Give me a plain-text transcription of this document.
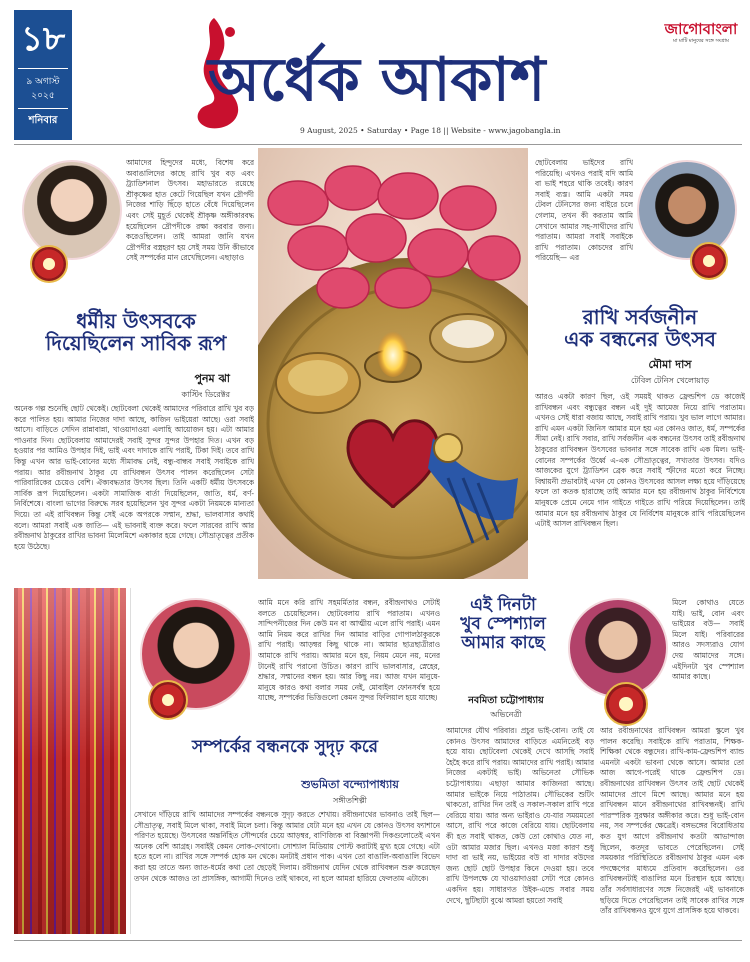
১৮
৯ অগাস্ট
২০২৫
শনিবার
অর্ধেক আকাশ
9 August, 2025 • Saturday • Page 18 || Website - www.jagobangla.in
জাগোবাংলা
মা মাটি মানুষের সঙ্গে সংগ্রাম
আমাদের হিন্দুদের মধ্যে, বিশেষ করে অবাঙালিদের কাছে রাখি খুব বড় এবং ট্র্যাডিশনাল উৎসব। মহাভারতে রয়েছে শ্রীকৃষ্ণের হাত কেটে গিয়েছিল যখন দ্রৌপদী নিজের শাড়ি ছিঁড়ে হাতে বেঁধে দিয়েছিলেন এবং সেই মুহূর্ত থেকেই শ্রীকৃষ্ণ অঙ্গীকারবদ্ধ হয়েছিলেন দ্রৌপদীকে রক্ষা করবার জন্য। করেওছিলেন। তাই আমরা জানি যখন দ্রৌপদীর বস্ত্রহরণ হয় সেই সময় উনি কীভাবে সেই সম্পর্কের মান রেখেছিলেন। এছাড়াও
ধর্মীয় উৎসবকে
দিয়েছিলেন সাবিক রূপ
পুনম ঝা
কাস্টিং ডিরেক্টর
অনেক গল্প শুনেছি ছোট থেকেই। ছোটবেলা থেকেই আমাদের পরিবারে রাখি খুব বড় করে পালিত হয়। আমার নিজের দাদা আছে, কাজিন ভাইয়েরা আছে। ওরা সবাই আসে। বাড়িতে সেদিন রান্নাবান্না, খাওয়াদাওয়া এলাহি আয়োজন হয়। এটা আমার পাওনার দিন। ছোটবেলায় আমাদেরই সবাই সুন্দর সুন্দর উপহার দিত। এখন বড় হওয়ার পর আমিও উপহার দিই, ভাই এবং দাদাকে রাখি পরাই, টিকা দিই। তবে রাখি কিন্তু এখন আর ভাই-বোনের মধ্যে সীমাবদ্ধ নেই, বন্ধু-বান্ধব সবাই সবাইকে রাখি পরায়। আর রবীন্দ্রনাথ ঠাকুর যে রাখিবন্ধন উৎসব পালন করেছিলেন সেটা পারিবারিকের চেয়েও বেশি। ঐক্যবদ্ধতার উৎসব ছিল। তিনি একটি ধর্মীয় উৎসবকে সার্বিক রূপ দিয়েছিলেন। একটা সামাজিক বার্তা দিয়েছিলেন, জাতি, ধর্ম, বর্ণ-নির্বিশেষে। বাংলা ভাগের বিরুদ্ধে সরব হয়েছিলেন খুব সুন্দর একটা নিয়মকে মান্যতা দিয়ে। তা এই রাখিবন্ধন কিন্তু সেই একে অপরকে সম্মান, শ্রদ্ধা, ভালবাসার কথাই বলে। আমরা সবাই এক জাতি— এই ভাবনাই ব্যক্ত করে। ফলে সারবের রাখি আর রবীন্দ্রনাথ ঠাকুরের রাখির ভাবনা মিলেমিশে একাকার হয়ে গেছে। সৌভ্রাতৃত্বের প্রতীক হয়ে উঠেছে।
ছোটবেলায় ভাইদের রাখি পরিয়েছি। এখনও পরাই যদি আমি বা ভাই শহরে থাকি তবেই। কারণ সবাই ব্যস্ত। আমি একটা সময় টেবল টেনিসের জন্য বাইরে চলে গেলাম, তখন কী করতাম আমি সেখানে আমার সহ-সাথীদের রাখি পরাতাম। আমরা সবাই সবাইকে রাখি পরাতাম। কোচদের রাখি পরিয়েছি— এর
রাখি সর্বজনীন
এক বন্ধনের উৎসব
মৌমা দাস
টেবিল টেনিস খেলোয়াড়
আরও একটা কারণ ছিল, ওই সময়ই থাকত ফ্রেন্ডশিপ ডে কাজেই রাখিবন্ধন এবং বন্ধুত্বের বন্ধন এই দুই আমেজ নিয়ে রাখি পরাতাম। এখনও সেই ধারা বজায় আছে, সবাই রাখি পরায়। খুব ভাল লাগে আমার। রাখি এমন একটা জিনিস আমার মনে হয় এর কোনও জাত, ধর্ম, সম্পর্কের সীমা নেই। রাখি সবার, রাখি সর্বজনীন এক বন্ধনের উৎসব তাই রবীন্দ্রনাথ ঠাকুরের রাখিবন্ধন উৎসবের ভাবনার সঙ্গে সাবেক রাখি এক মিল। ভাই-বোনের সম্পর্কের উর্ধ্বে এ-এক সৌভ্রাতৃত্বের, সখ্যতার উৎসব। যদিও আজকের যুগে ট্র্যাডিশন ব্রেক করে সবাই স্ফীদের মতো করে নিচ্ছে। বিশ্বায়নী প্রভাবটাই এখন যে কোনও উৎসবের আসল লক্ষ্য হয়ে দাঁড়িয়েছে ফলে তা কতক হারাচ্ছে তাই আমার মনে হয় রবীন্দ্রনাথ ঠাকুর নির্বিশেষে মানুষকে প্রেমে নেমে গান গাইতে গাইতে রাখি পরিয়ে দিয়েছিলেন। তাই আমার মনে হয় রবীন্দ্রনাথ ঠাকুর যে নির্বিশেষ মানুষকে রাখি পরিয়েছিলেন এটাই আসল রাখিবন্ধন ছিল।
আমি মনে করি রাখি সহমর্মিতার বন্ধন, রবীন্দ্রনাথও সেটাই বলতে চেয়েছিলেন। ছোটবেলায় রাখি পরাতাম। এখনও সান্দিপনীজের দিন কেউ মন বা আত্মীয় এলে রাখি পরাই। এমন আমি নিয়ম করে রাখির দিন আমার বাড়ির গোপালঠাকুরকে রাখি পরাই। আড়ম্বর কিছু থাকে না। আমার ছাত্রছাত্রীরাও আমাকে রাখি পরায়। আমার মনে হয়, নিয়ম মেনে নয়, মনের টানেই রাখি পরানো উচিত। কারণ রাখি ভালবাসার, স্নেহের, শ্রদ্ধার, সম্মানের বন্ধন হয়। আর কিছু নয়। আজ যখন মানুষে-মানুষে কারও কথা বলার সময় নেই, মোবাইল ফোনসর্বস্ব হয়ে যাচ্ছে, সম্পর্কের ভিত্তিগুলো কেমন সুন্দর ফিলিয়াল হয়ে যাচ্ছে।
সম্পর্কের বন্ধনকে সুদৃঢ় করে
শুভমিতা বন্দ্যোপাধ্যায়
সঙ্গীতশিল্পী
সেখানে দাঁড়িয়ে রাখি আমাদের সম্পর্কের বন্ধনকে সুদৃঢ় করতে শেখায়। রবীন্দ্রনাথের ভাবনাও তাই ছিল— সৌভ্রাতৃত্ব, সবাই মিলে থাকা, সবাই মিলে চলা। কিন্তু আমার যেটা মনে হয় এখন যে কোনও উৎসব ফ্যাশানে পরিণত হয়েছে। উৎসবের অন্তর্নিহিত সৌন্দর্যের চেয়ে আড়ম্বর, বাণিজ্যিক বা বিজ্ঞাপনী দিকগুলোতেই এখন অনেক বেশি আগ্রহ। সবাইই কেমন লোক-দেখানো। সোশ্যাল মিডিয়ায় পোস্ট করাটাই মুখ্য হয়ে গেছে। এটা হতে হলে না। রাখির সঙ্গে সম্পর্ক হোক মন থেকে। মনটাই প্রধান পাক। এখন তো বাঙালি-অবাঙালি বিভেদ করা হয় তাতে অন্য জাত-ধর্মের কথা তো ছেড়েই দিলাম। রবীন্দ্রনাথ যেদিন থেকে রাখিবন্ধন শুরু করেছেন তখন থেকে আজও তা প্রাসঙ্গিক, আগামী দিনেও তাই থাকবে, না হলে আমরা হারিয়ে ফেলতাম এটাকে।
এই দিনটা
খুব স্পেশ্যাল
আমার কাছে
মিলে কোথাও যেতে যাই। ভাই, বোন এবং ভাইয়ের বউ— সবাই মিলে যাই। পরিবারের আরও সদস্যরাও যোগ দেয় আমাদের সঙ্গে। এইদিনটা খুব স্পেশ্যাল আমার কাছে।
নবমিতা চট্টোপাধ্যায়
অভিনেত্রী
আমাদের যৌথ পরিবার। প্রচুর ভাই-বোন। তাই যে কোনও উৎসব আমাদের বাড়িতে এমনিতেই বড় হয়ে যায়। ছোটবেলা থেকেই দেখে আসছি সবাই হৈহৈ করে রাখি পরায়। আমাদের রাখি পরাই। আমার নিজের একটাই ভাই। অভিনেতা সৌভিক চট্টোপাধ্যায়। এছাড়া আমার কাজিনরা আছে। আমার ভাইকে নিয়ে পাঠাতাম। সৌভিকের শুটিং থাকতো, রাখির দিন তাই ও সকাল-সকাল রাখি পরে বেরিয়ে যায়। আর অন্য ভাইরাও যে-যার সময়মতো আসে, রাখি পরে কাজে বেরিয়ে যায়। ছোটবেলায় কী হত সবাই থাকত, কেউ তো কোথাও যেত না, ওটা আমার মজার ছিল। এখনও মজা কারণ শুধু দাদা বা ভাই নয়, ভাইয়ের বউ বা দাদার বউদের জন্য ছোট ছোট উপহার কিনে দেওয়া হয়। তবে রাখি উপলক্ষে যে খাওয়াদাওয়া সেটা পরে কোনও একদিন হয়। সাধারণত উইক-এন্ডে সবার সময় দেখে, ছুটিছাটা বুঝে আমরা হয়তো সবাই
আর রবীন্দ্রনাথের রাখিবন্ধন আমরা স্কুলে খুব পালন করেছি। সবাইকে রাখি পরাতাম, শিক্ষক-শিক্ষিকা থেকে বন্ধুদের। রাখি-কাম-ফ্রেন্ডশিপ ব্যান্ড এমনটা একটা ভাবনা থেকে আসে। আমার তো আজ আগে-পরেই থাকে ফ্রেন্ডশিপ ডে। রবীন্দ্রনাথের রাখিবন্ধন উৎসব তাই ছোট থেকেই আমাদের প্রাণে মিশে আছে। আমার মনে হয় রাখিবন্ধন মানে রবীন্দ্রনাথের রাখিবন্ধনই। রাখি পারস্পরিক সুরক্ষার অঙ্গীকার করে। শুধু ভাই-বোন নয়, সব সম্পর্কের ক্ষেত্রেই। বঙ্গভঙ্গের বিরোধিতায় কত যুগ আগে রবীন্দ্রনাথ কতটা আভান্দাজ ছিলেন, কতদূর ভাবতে পেরেছিলেন। সেই সময়কার পরিস্থিতিতে রবীন্দ্রনাথ ঠাকুর এমন এক পদক্ষেপের মাধ্যমে প্রতিবাদ করেছিলেন। ওর রাখিবন্ধনটাই বাঙালির মনে চিরস্থান হয়ে আছে। তাঁর সর্বসাধারণের সঙ্গে নিজেরই এই ভাবনাকে ছড়িয়ে দিতে পেরেছিলেন তাই সাবেক রাখির সঙ্গে তাঁর রাখিবন্ধনও যুগে যুগে প্রাসঙ্গিক হয়ে থাকবে।
